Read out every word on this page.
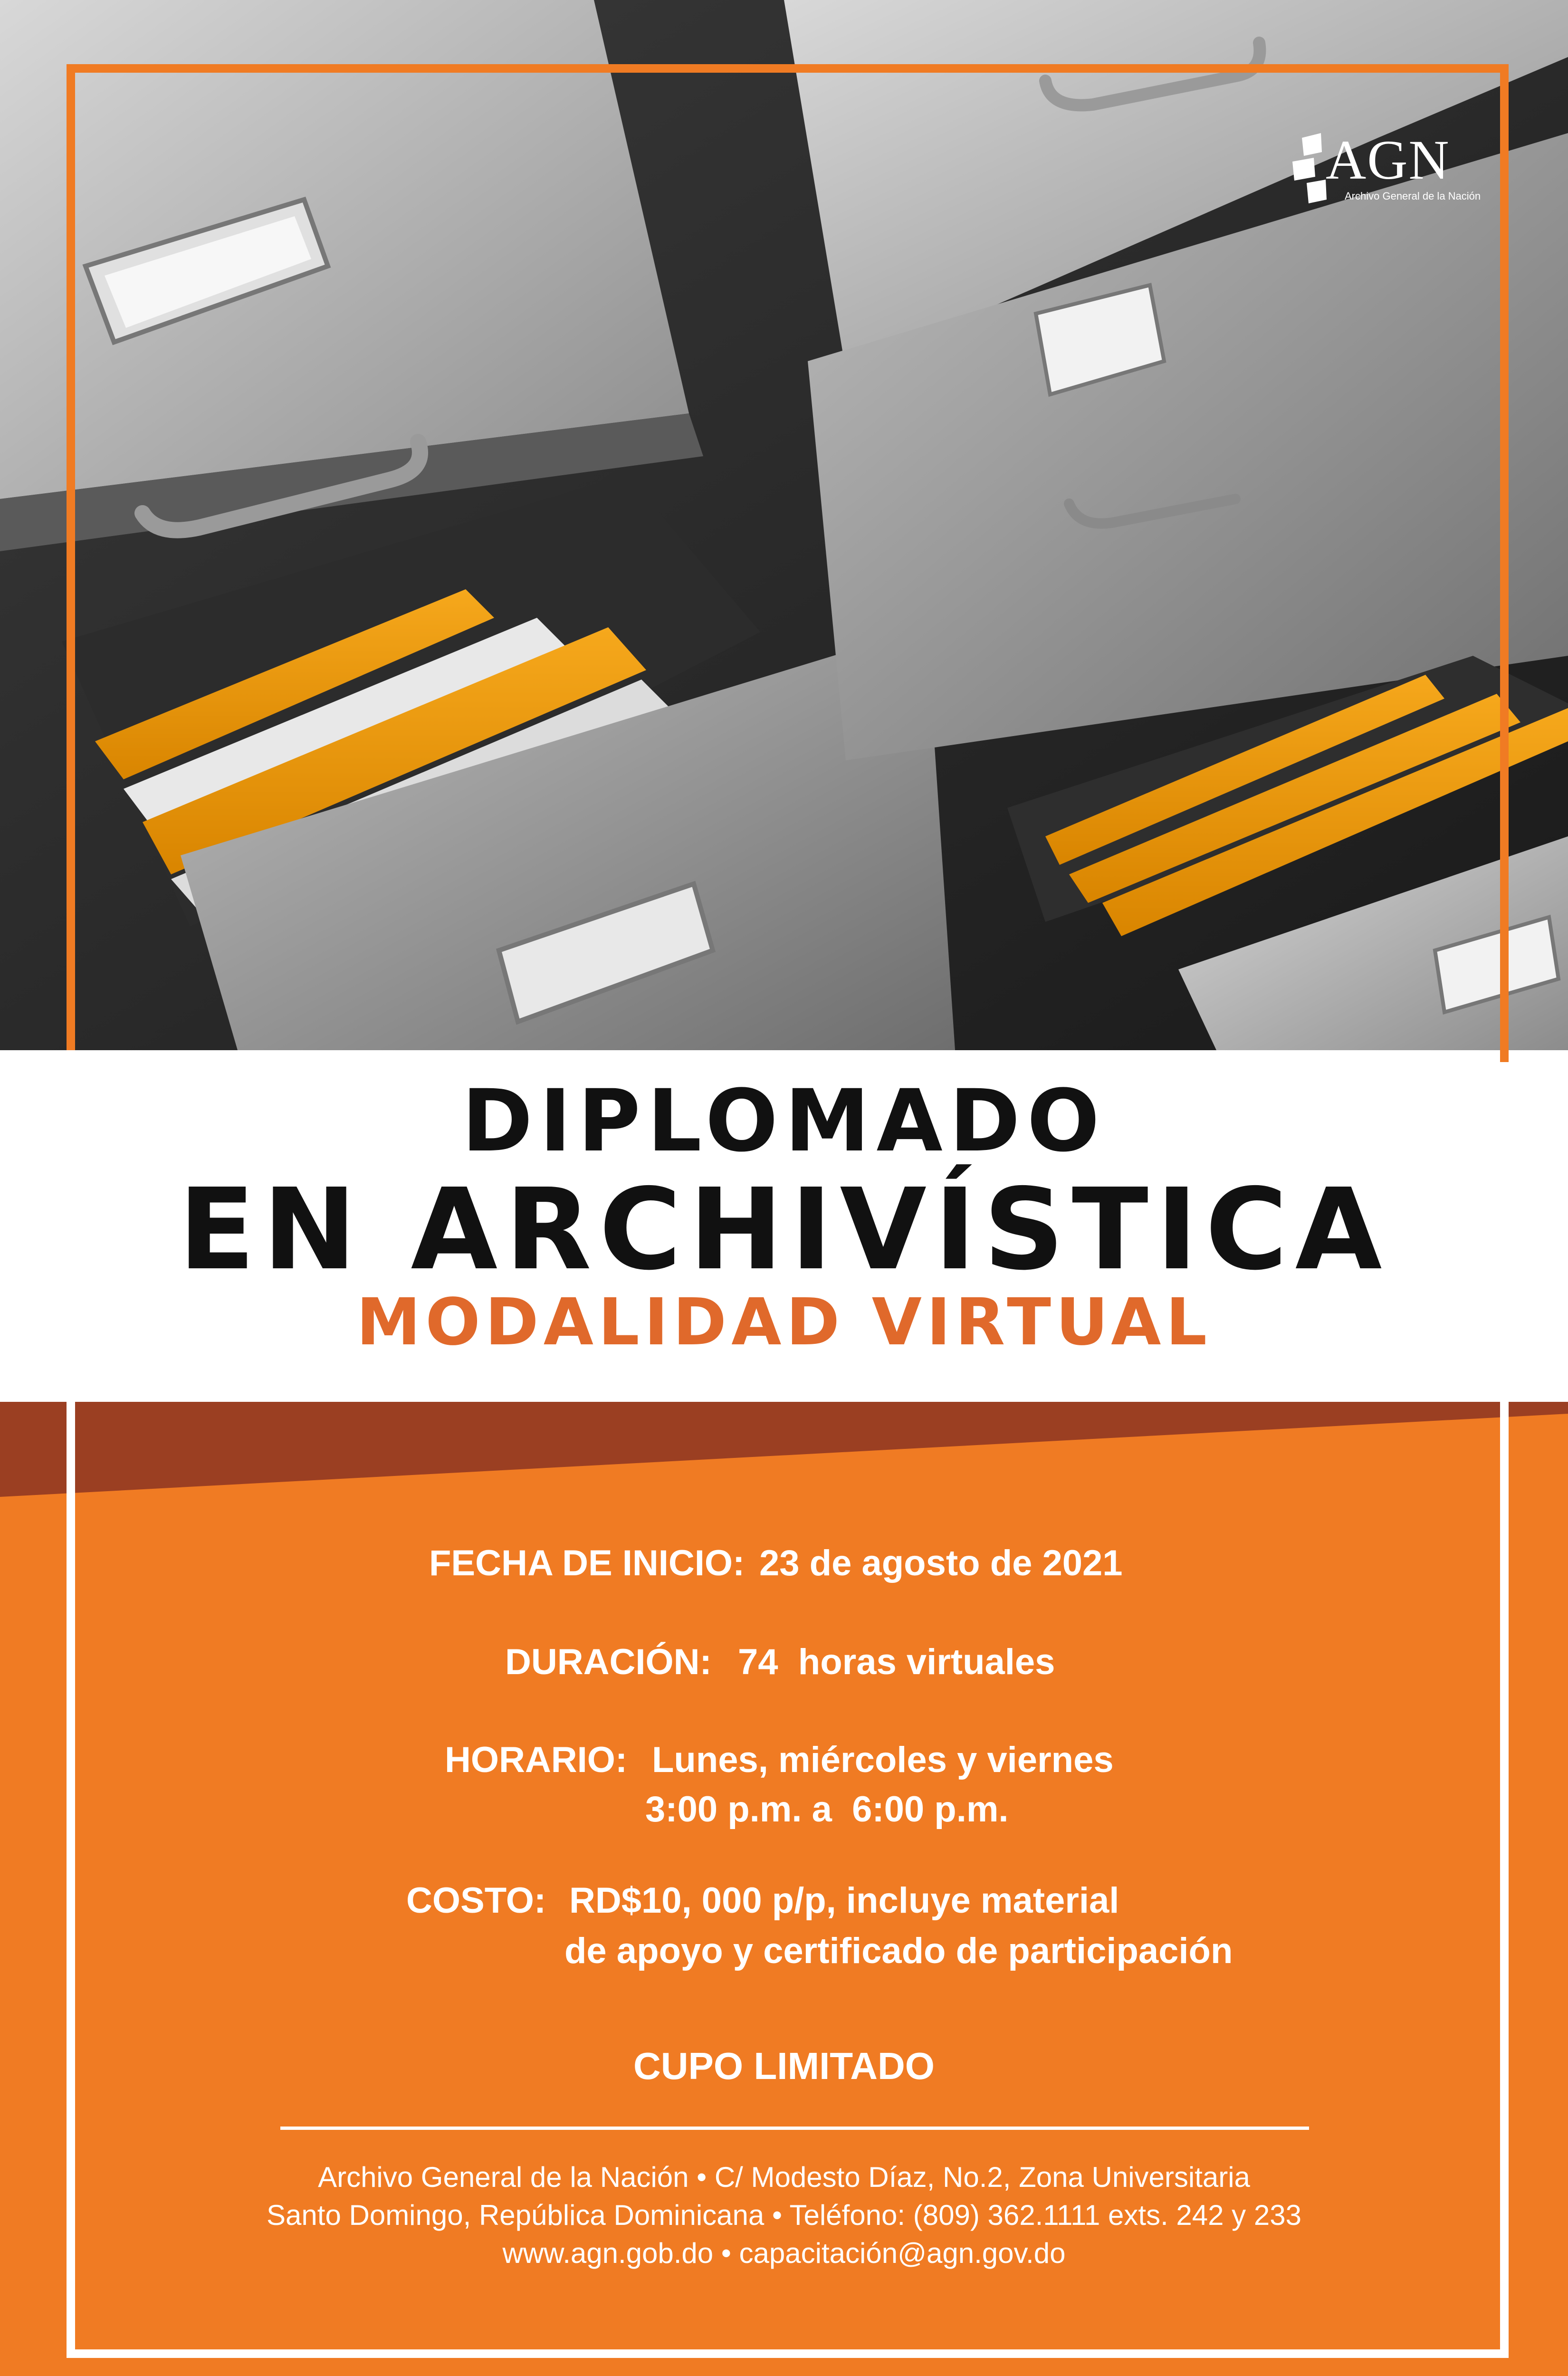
AGN
Archivo General de la Nación
DIPLOMADO
EN ARCHIVÍSTICA
MODALIDAD VIRTUAL
FECHA DE INICIO: 23 de agosto de 2021
DURACIÓN: 74  horas virtuales
HORARIO: Lunes, miércoles y viernes
3:00 p.m. a  6:00 p.m.
COSTO: RD$10, 000 p/p, incluye material
de apoyo y certificado de participación
CUPO LIMITADO
Archivo General de la Nación • C/ Modesto Díaz, No.2, Zona Universitaria
Santo Domingo, República Dominicana • Teléfono: (809) 362.1111 exts. 242 y 233
www.agn.gob.do • capacitación@agn.gov.do
